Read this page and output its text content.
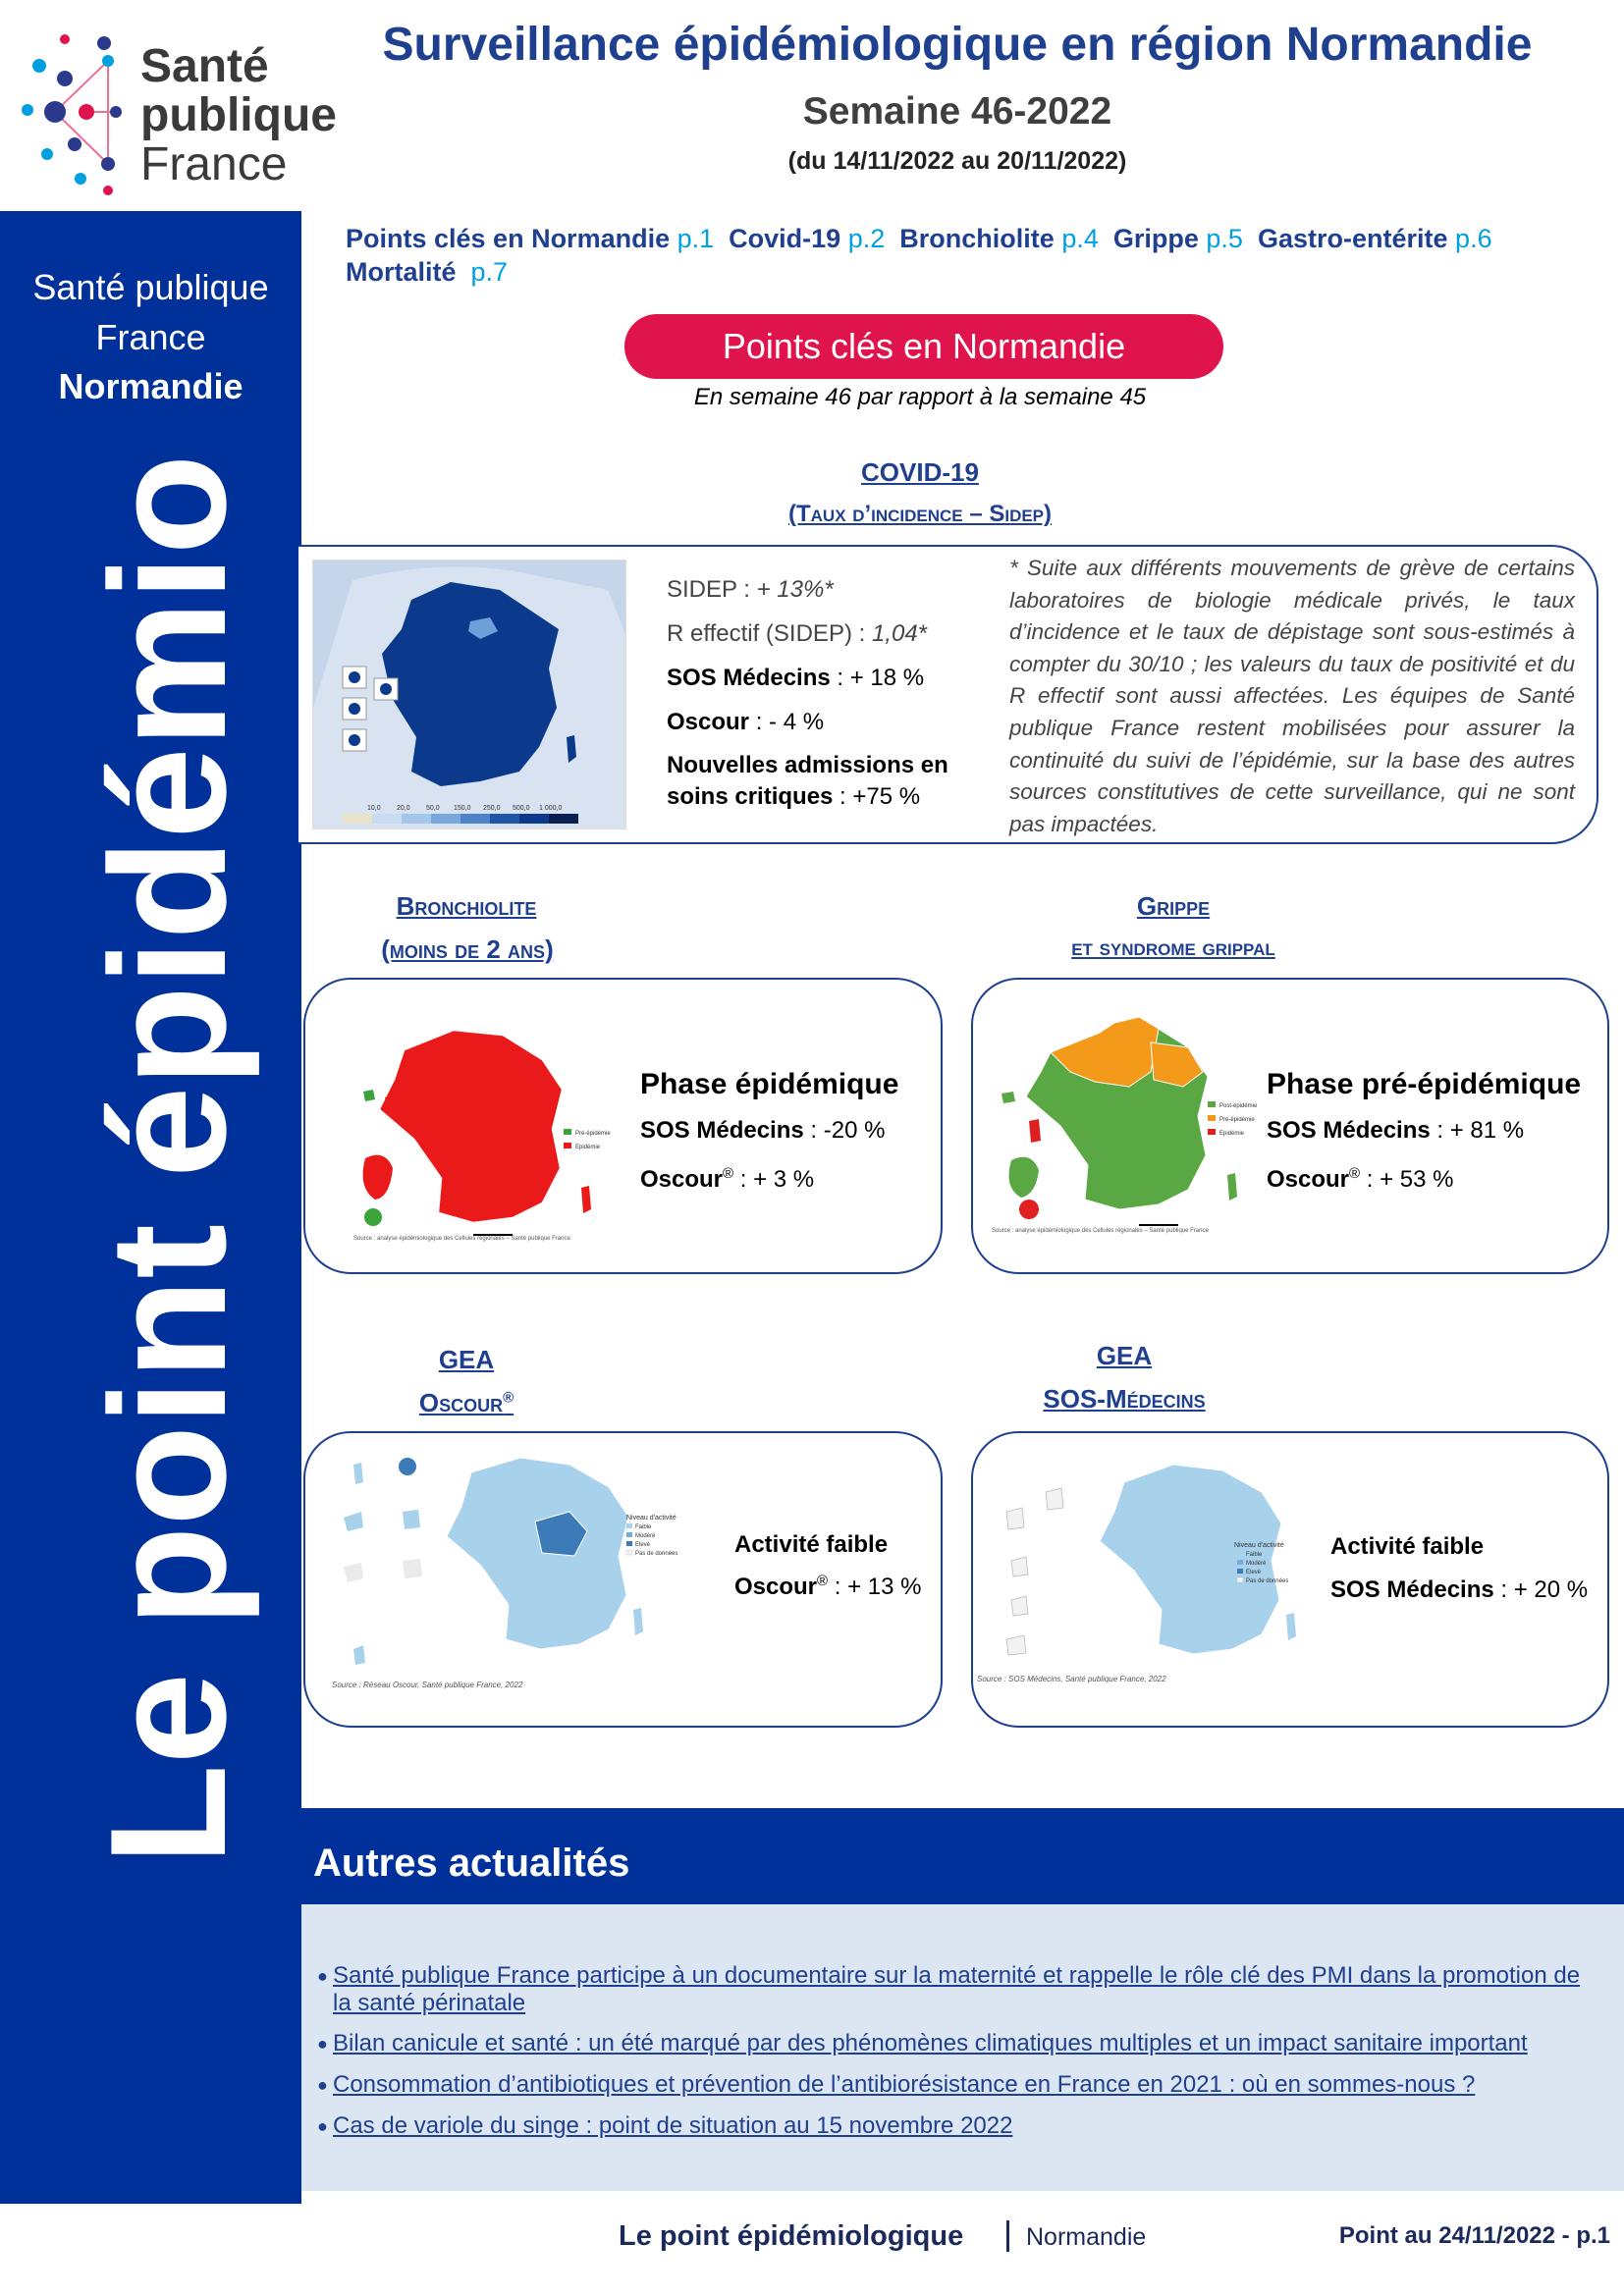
Santé
publique
France
Surveillance épidémiologique en région Normandie
Semaine 46-2022
(du 14/11/2022 au 20/11/2022)
Santé publique
France
Normandie
Le point épidémio
Points clés en Normandie p.1 Covid-19 p.2 Bronchiolite p.4 Grippe p.5 Gastro-entérite p.6
Mortalité p.7
Points clés en Normandie
En semaine 46 par rapport à la semaine 45
COVID-19
(Taux d’incidence – Sidep)
10,0 20,0 50,0 150,0 250,0 500,0 1 000,0
SIDEP : + 13%*
R effectif (SIDEP) : 1,04*
SOS Médecins : + 18 %
Oscour : - 4 %
Nouvelles admissions en
soins critiques : +75 %
* Suite aux différents mouvements de grève de certains laboratoires de biologie médicale privés, le taux d’incidence et le taux de dépistage sont sous-estimés à compter du 30/10 ; les valeurs du taux de positivité et du R effectif sont aussi affectées. Les équipes de Santé publique France restent mobilisées pour assurer la continuité du suivi de l’épidémie, sur la base des autres sources constitutives de cette surveillance, qui ne sont pas impactées.
Bronchiolite
(moins de 2 ans)
Pré-épidémie
Epidémie
Source : analyse épidémiologique des Cellules régionales – Santé publique France
Phase épidémique
SOS Médecins : -20 %
Oscour® : + 3 %
Grippe
et syndrome grippal
Post-épidémie
Pré-épidémie
Epidémie
Source : analyse épidémiologique des Cellules régionales – Santé publique France
Phase pré-épidémique
SOS Médecins : + 81 %
Oscour® : + 53 %
GEA
Oscour®
Niveau d'activité
Faible
Modéré
Elevé
Pas de données
Source : Réseau Oscour, Santé publique France, 2022
Activité faible
Oscour® : + 13 %
GEA
SOS-Médecins
Niveau d'activité
Faible
Modéré
Elevé
Pas de données
Source : SOS Médecins, Santé publique France, 2022
Activité faible
SOS Médecins : + 20 %
Autres actualités
● Santé publique France participe à un documentaire sur la maternité et rappelle le rôle clé des PMI dans la promotion de la santé périnatale
● Bilan canicule et santé : un été marqué par des phénomènes climatiques multiples et un impact sanitaire important
● Consommation d’antibiotiques et prévention de l’antibiorésistance en France en 2021 : où en sommes-nous ?
● Cas de variole du singe : point de situation au 15 novembre 2022
Le point épidémiologique	Normandie	Point au 24/11/2022 - p.1
